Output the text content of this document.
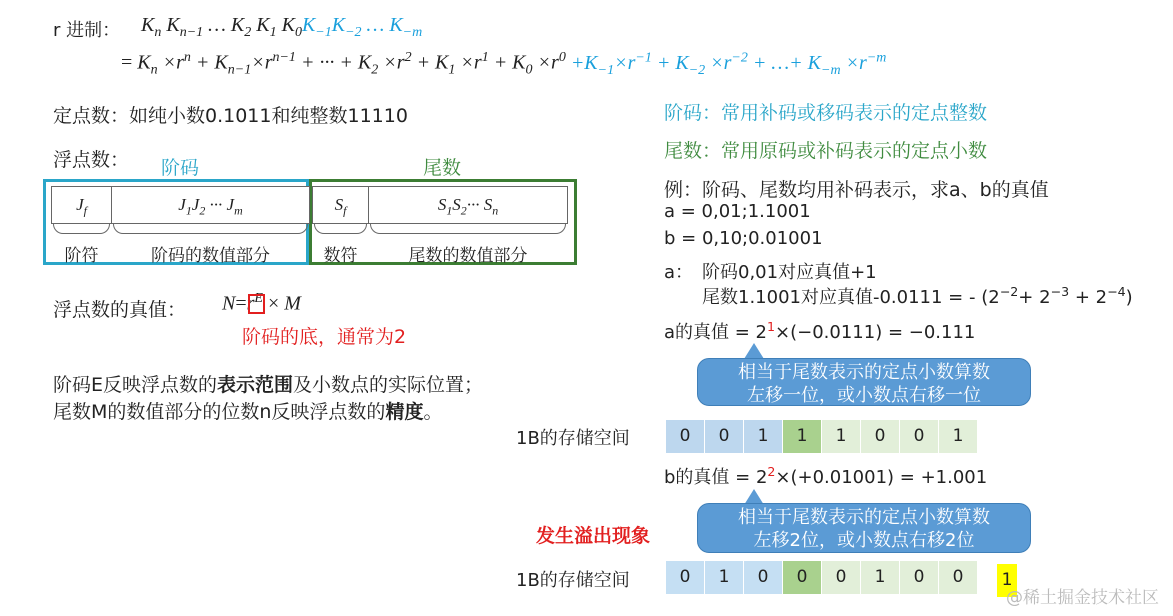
r 进制： $K_n$ $K_{n-1}$ … $K_2$ $K_1$ $K_0K_{-1}K_{-2}$ … $K_{-m}$
= $K_n \times r^n + K_{n-1}\times r^{n-1}$ + ··· + $K_2 \times r^2 + K_1 \times r^1 + K_0 \times r^0 +K_{-1}\times r^{-1} + K_{-2} \times r^{-2}$ + …+ $K_{-m} \times r^{-m}$
定点数：如纯小数0.1011和纯整数11110
浮点数： 阶码	尾数
$J_f$	$J_1J_2$ ··· $J_m$	$S_f$	$S_1S_2\cdot\cdot\cdot S_n$
阶符	阶码的数值部分	数符	尾数的数值部分
浮点数的真值： $N=r^E \times M$
阶码的底，通常为2
阶码E反映浮点数的表示范围及小数点的实际位置；
尾数M的数值部分的位数n反映浮点数的精度。
阶码：常用补码或移码表示的定点整数
尾数：常用原码或补码表示的定点小数
例：阶码、尾数均用补码表示，求a、b的真值
a = 0,01;1.1001
b = 0,10;0.01001
a： 阶码0,01对应真值+1
尾数1.1001对应真值-0.0111 = - $(2^{-2}+ 2^{-3} + 2^{-4})$
a的真值 = $2^1\times(-0.0111) = -0.111$
相当于尾数表示的定点小数算数
左移一位，或小数点右移一位
1B的存储空间	0	0	1	1	1	0	0	1
b的真值 = $2^2\times(+0.01001) = +1.001$
相当于尾数表示的定点小数算数
左移2位，或小数点右移2位
发生溢出现象
1B的存储空间	0	1	0	0	0	1	0	0	1
@稀土掘金技术社区
